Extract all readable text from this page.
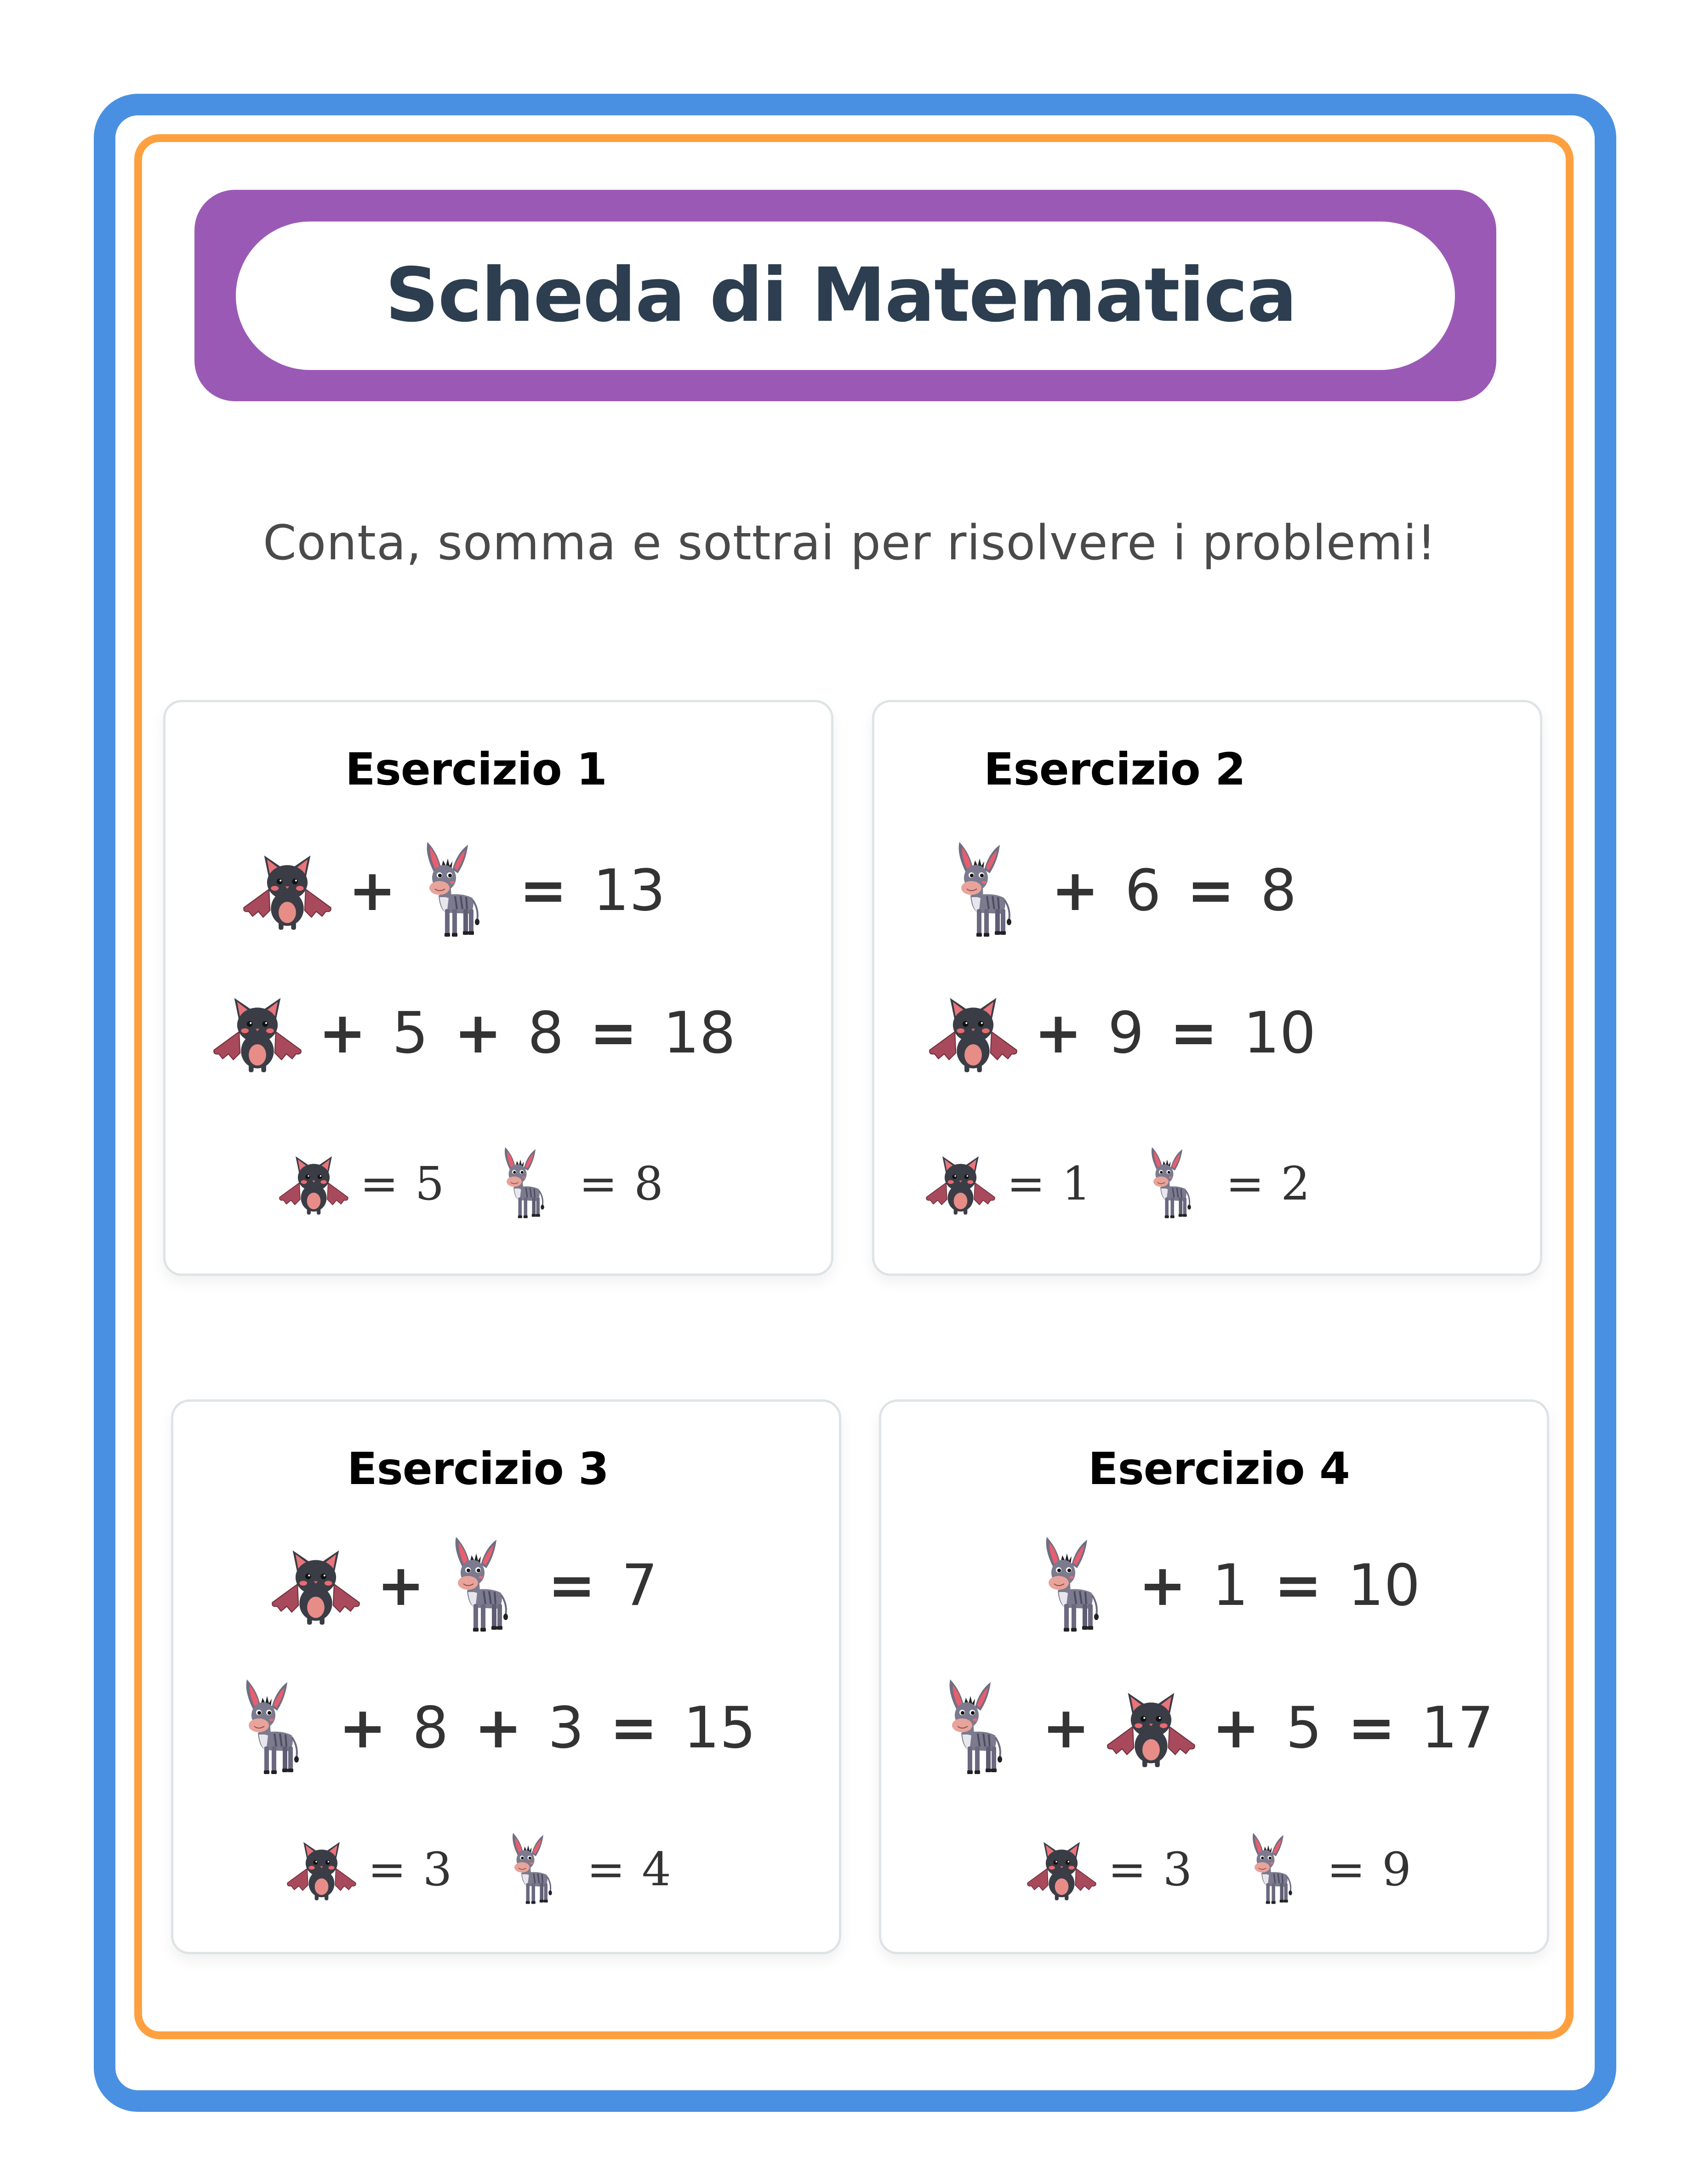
Scheda di Matematica
Conta, somma e sottrai per risolvere i problemi!
Esercizio 1
+ = 13
+ 5 + 8 = 18
= 5	= 8
Esercizio 2
+ 6 = 8
+ 9 = 10
= 1	= 2
Esercizio 3
+ = 7
+ 8 + 3 = 15
= 3	= 4
Esercizio 4
+ 1 = 10
+ + 5 = 17
= 3	= 9
